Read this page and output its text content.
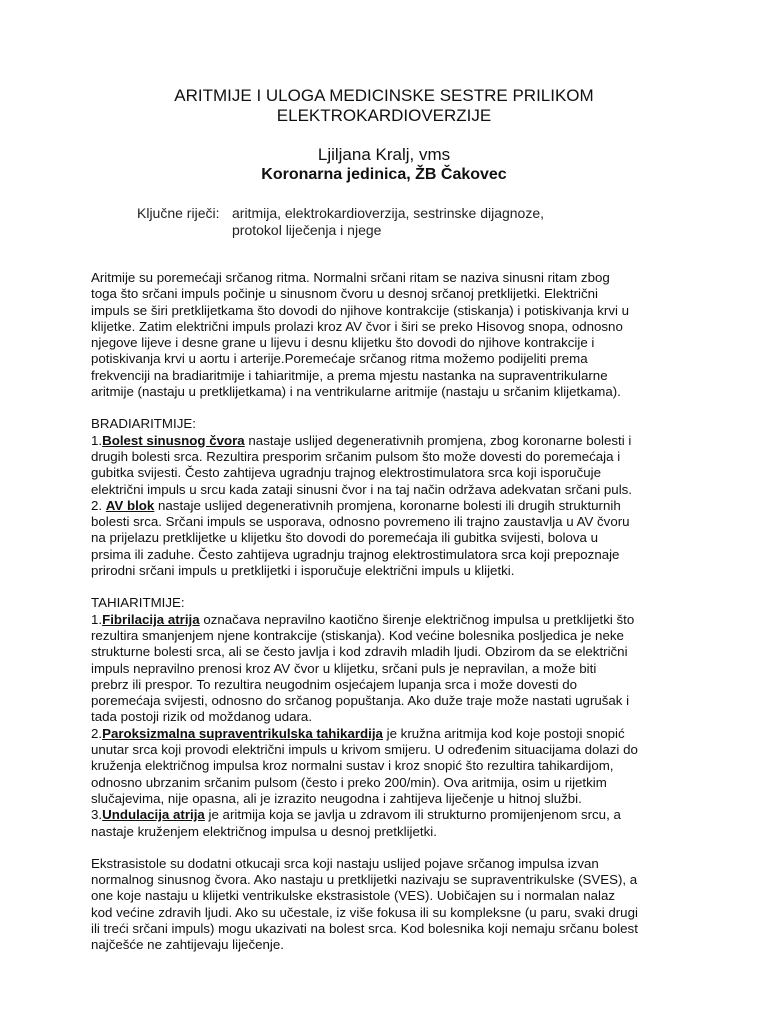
ARITMIJE I ULOGA MEDICINSKE SESTRE PRILIKOM
ELEKTROKARDIOVERZIJE
Ljiljana Kralj, vms
Koronarna jedinica, ŽB Čakovec
Ključne riječi: aritmija, elektrokardioverzija, sestrinske dijagnoze,
protokol liječenja i njege

Aritmije su poremećaji srčanog ritma. Normalni srčani ritam se naziva sinusni ritam zbog
toga što srčani impuls počinje u sinusnom čvoru u desnoj srčanoj pretklijetki. Električni
impuls se širi pretklijetkama što dovodi do njihove kontrakcije (stiskanja) i potiskivanja krvi u
klijetke. Zatim električni impuls prolazi kroz AV čvor i širi se preko Hisovog snopa, odnosno
njegove lijeve i desne grane u lijevu i desnu klijetku što dovodi do njihove kontrakcije i
potiskivanja krvi u aortu i arterije.Poremećaje srčanog ritma možemo podijeliti prema
frekvenciji na bradiaritmije i tahiaritmije, a prema mjestu nastanka na supraventrikularne
aritmije (nastaju u pretklijetkama) i na ventrikularne aritmije (nastaju u srčanim klijetkama).

BRADIARITMIJE:
1.Bolest sinusnog čvora nastaje uslijed degenerativnih promjena, zbog koronarne bolesti i
drugih bolesti srca. Rezultira presporim srčanim pulsom što može dovesti do poremećaja i
gubitka svijesti. Često zahtijeva ugradnju trajnog elektrostimulatora srca koji isporučuje
električni impuls u srcu kada zataji sinusni čvor i na taj način održava adekvatan srčani puls.
2. AV blok nastaje uslijed degenerativnih promjena, koronarne bolesti ili drugih strukturnih
bolesti srca. Srčani impuls se usporava, odnosno povremeno ili trajno zaustavlja u AV čvoru
na prijelazu pretklijetke u klijetku što dovodi do poremećaja ili gubitka svijesti, bolova u
prsima ili zaduhe. Često zahtijeva ugradnju trajnog elektrostimulatora srca koji prepoznaje
prirodni srčani impuls u pretklijetki i isporučuje električni impuls u klijetki.

TAHIARITMIJE:
1.Fibrilacija atrija označava nepravilno kaotično širenje električnog impulsa u pretklijetki što
rezultira smanjenjem njene kontrakcije (stiskanja). Kod većine bolesnika posljedica je neke
strukturne bolesti srca, ali se često javlja i kod zdravih mladih ljudi. Obzirom da se električni
impuls nepravilno prenosi kroz AV čvor u klijetku, srčani puls je nepravilan, a može biti
prebrz ili prespor. To rezultira neugodnim osjećajem lupanja srca i može dovesti do
poremećaja svijesti, odnosno do srčanog popuštanja. Ako duže traje može nastati ugrušak i
tada postoji rizik od moždanog udara.
2.Paroksizmalna supraventrikulska tahikardija je kružna aritmija kod koje postoji snopić
unutar srca koji provodi električni impuls u krivom smijeru. U određenim situacijama dolazi do
kruženja električnog impulsa kroz normalni sustav i kroz snopić što rezultira tahikardijom,
odnosno ubrzanim srčanim pulsom (često i preko 200/min). Ova aritmija, osim u rijetkim
slučajevima, nije opasna, ali je izrazito neugodna i zahtijeva liječenje u hitnoj službi.
3.Undulacija atrija je aritmija koja se javlja u zdravom ili strukturno promijenjenom srcu, a
nastaje kruženjem električnog impulsa u desnoj pretklijetki.

Ekstrasistole su dodatni otkucaji srca koji nastaju uslijed pojave srčanog impulsa izvan
normalnog sinusnog čvora. Ako nastaju u pretklijetki nazivaju se supraventrikulske (SVES), a
one koje nastaju u klijetki ventrikulske ekstrasistole (VES). Uobičajen su i normalan nalaz
kod većine zdravih ljudi. Ako su učestale, iz više fokusa ili su kompleksne (u paru, svaki drugi
ili treći srčani impuls) mogu ukazivati na bolest srca. Kod bolesnika koji nemaju srčanu bolest
najčešće ne zahtijevaju liječenje.
